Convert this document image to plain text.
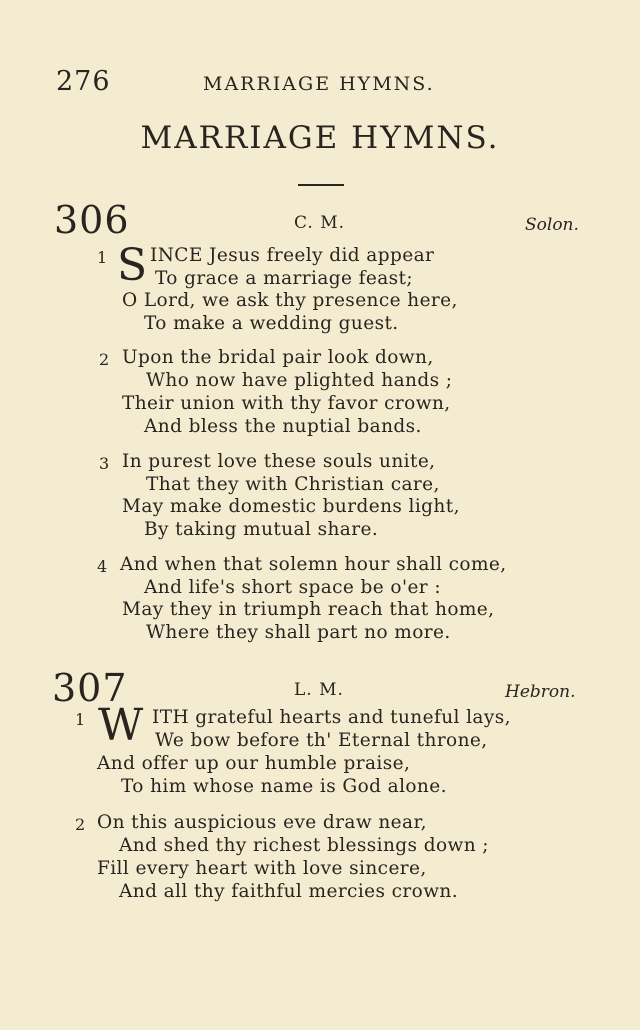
276	MARRIAGE HYMNS.
MARRIAGE HYMNS.
306	C. M.	Solon.
1 S INCE Jesus freely did appear
To grace a marriage feast;
O Lord, we ask thy presence here,
To make a wedding guest.
2 Upon the bridal pair look down,
Who now have plighted hands ;
Their union with thy favor crown,
And bless the nuptial bands.
3 In purest love these souls unite,
That they with Christian care,
May make domestic burdens light,
By taking mutual share.
4 And when that solemn hour shall come,
And life's short space be o'er :
May they in triumph reach that home,
Where they shall part no more.
307	L. M.	Hebron.
1 W ITH grateful hearts and tuneful lays,
We bow before th' Eternal throne,
And offer up our humble praise,
To him whose name is God alone.
2 On this auspicious eve draw near,
And shed thy richest blessings down ;
Fill every heart with love sincere,
And all thy faithful mercies crown.
